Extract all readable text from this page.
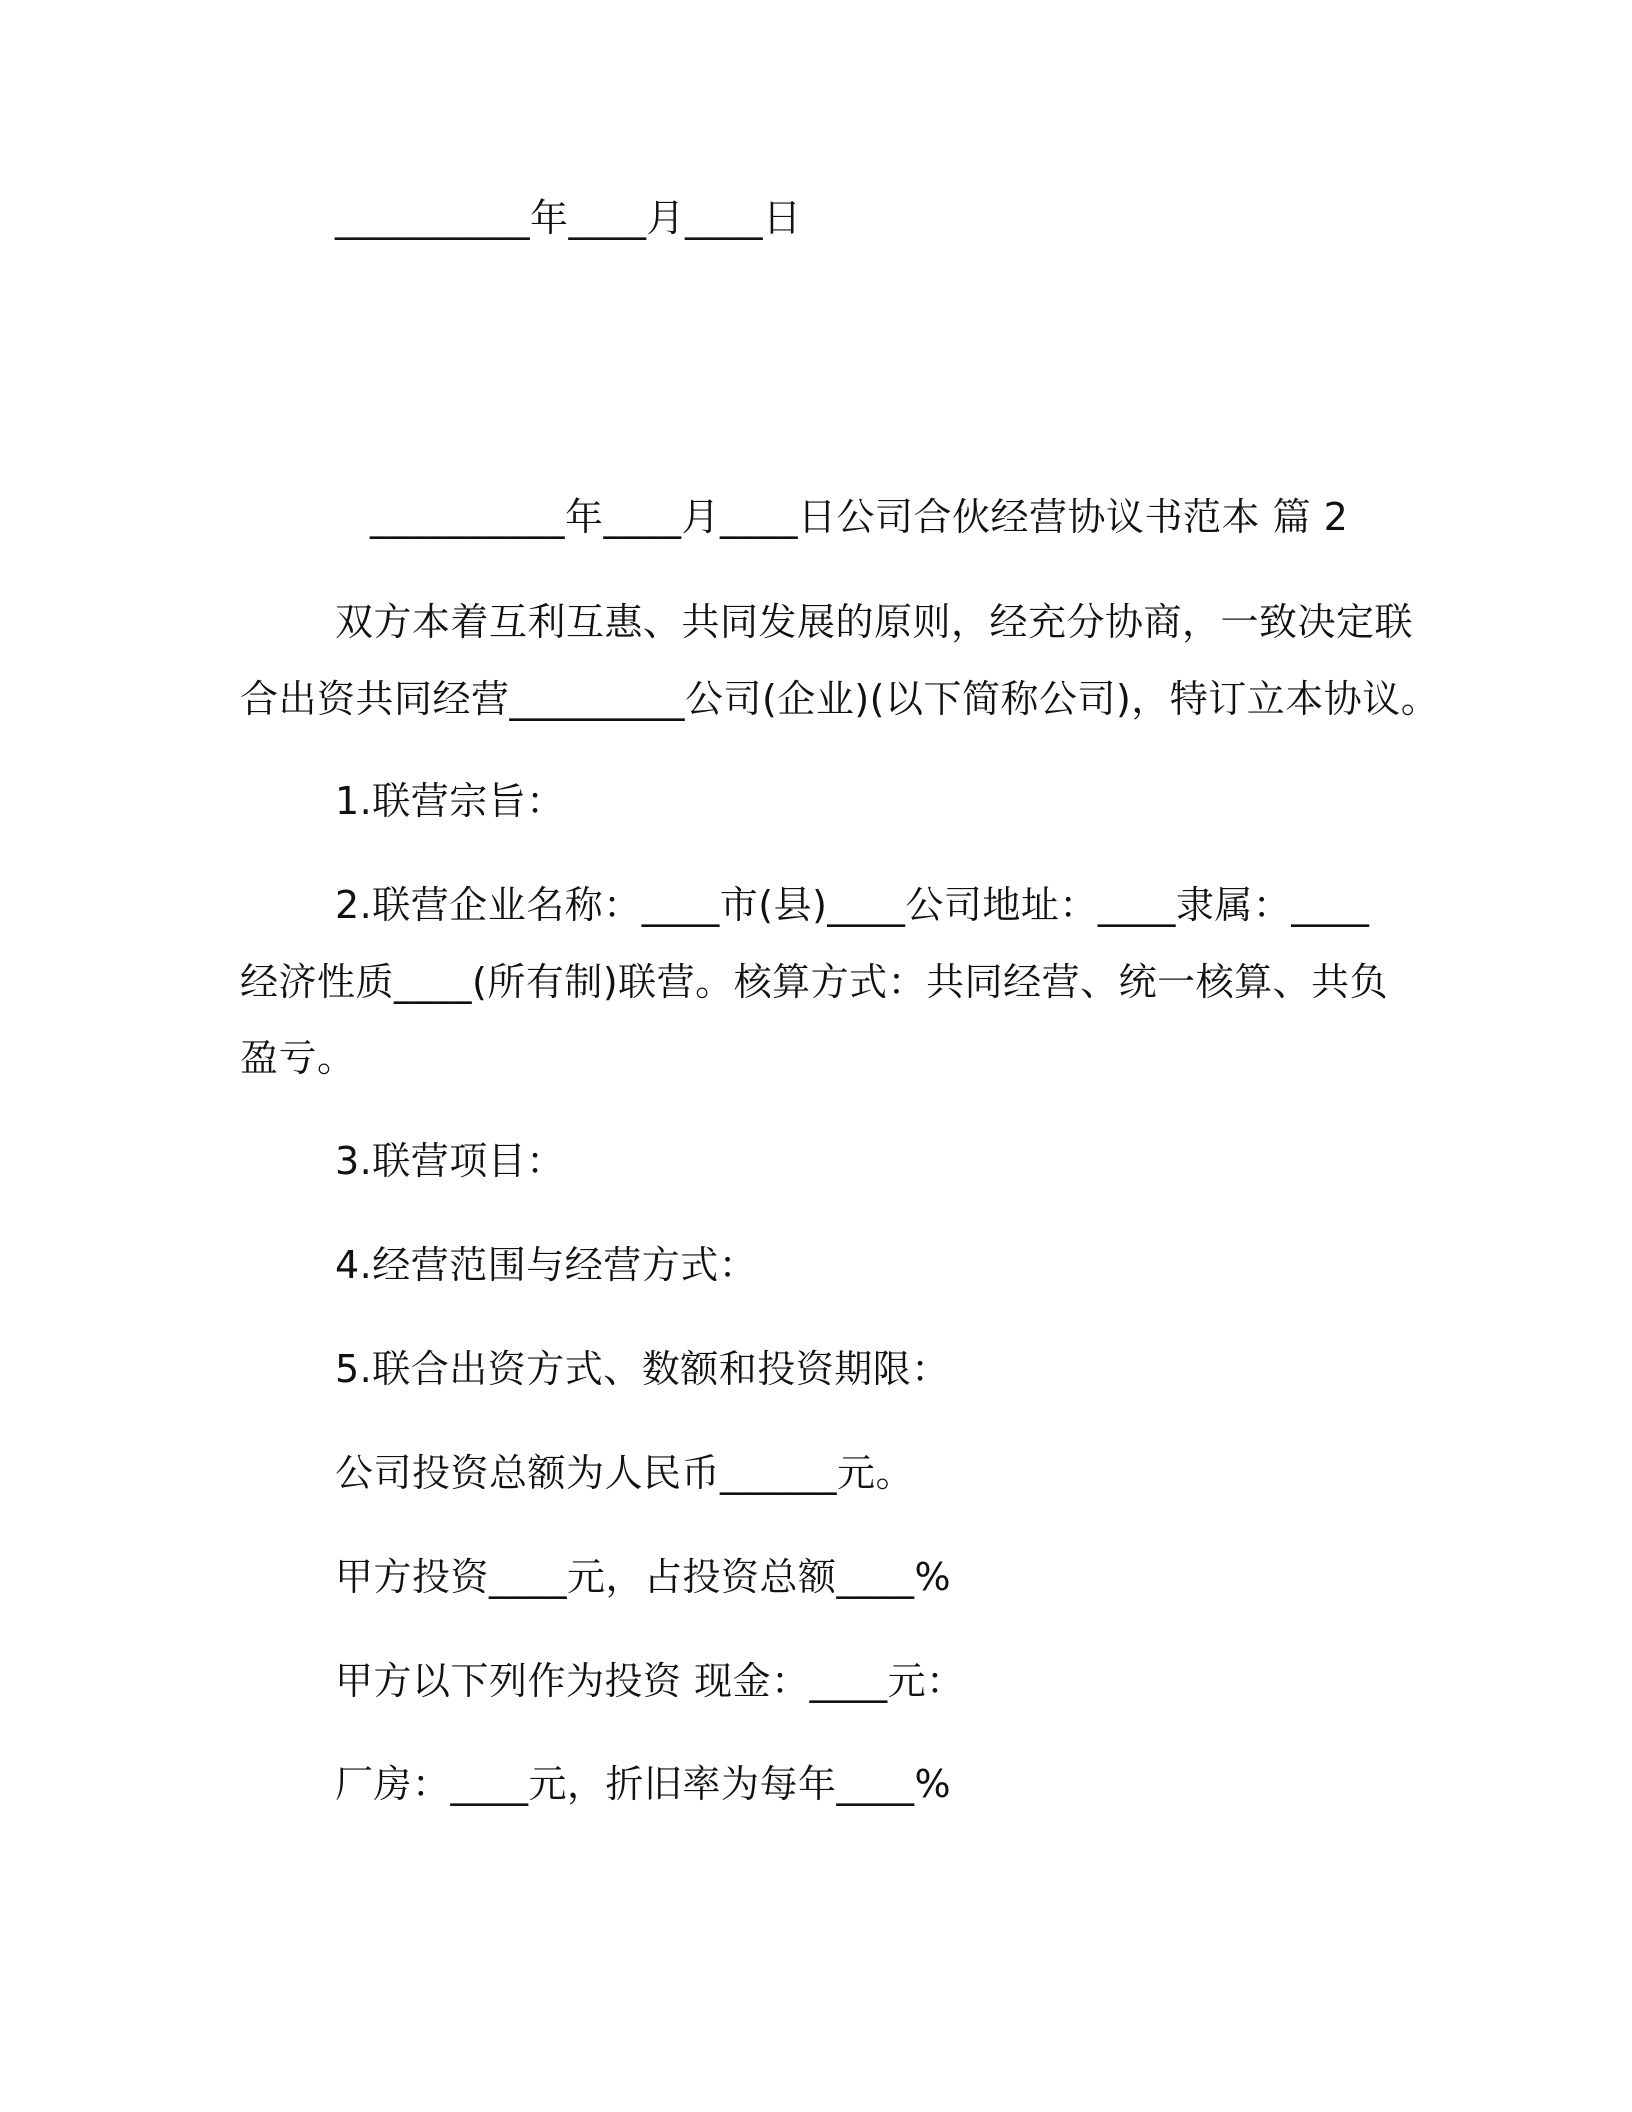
__________年____月____日
__________年____月____日公司合伙经营协议书范本 篇 2
双方本着互利互惠、共同发展的原则，经充分协商，一致决定联
合出资共同经营_________公司(企业)(以下简称公司)，特订立本协议。
1.联营宗旨：
2.联营企业名称：____市(县)____公司地址：____隶属：____
经济性质____(所有制)联营。核算方式：共同经营、统一核算、共负
盈亏。
3.联营项目：
4.经营范围与经营方式：
5.联合出资方式、数额和投资期限：
公司投资总额为人民币______元。
甲方投资____元，占投资总额____%
甲方以下列作为投资 现金：____元：
厂房：____元，折旧率为每年____%
